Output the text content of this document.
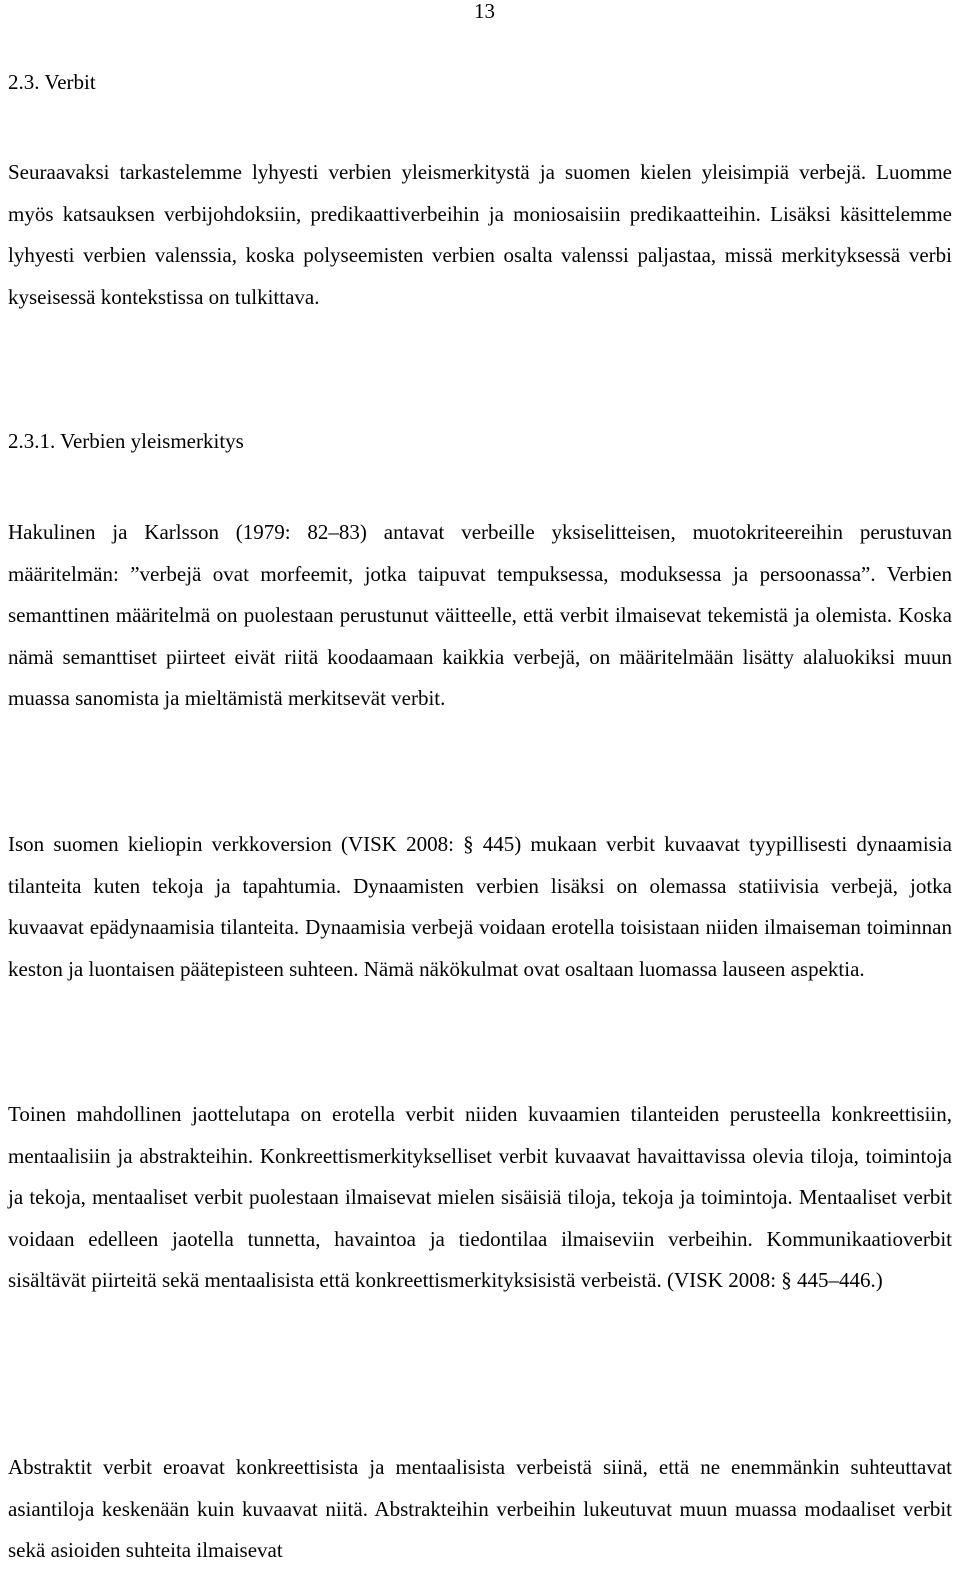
13
2.3. Verbit

Seuraavaksi tarkastelemme lyhyesti verbien yleismerkitystä ja suomen kielen yleisimpiä verbejä. Luomme myös katsauksen verbijohdoksiin, predikaattiverbeihin ja moniosaisiin predikaatteihin. Lisäksi käsittelemme lyhyesti verbien valenssia, koska polyseemisten verbien osalta valenssi paljastaa, missä merkityksessä verbi kyseisessä kontekstissa on tulkittava.

2.3.1. Verbien yleismerkitys

Hakulinen ja Karlsson (1979: 82–83) antavat verbeille yksiselitteisen, muotokriteereihin perustuvan määritelmän: ”verbejä ovat morfeemit, jotka taipuvat tempuksessa, moduksessa ja persoonassa”. Verbien semanttinen määritelmä on puolestaan perustunut väitteelle, että verbit ilmaisevat tekemistä ja olemista. Koska nämä semanttiset piirteet eivät riitä koodaamaan kaikkia verbejä, on määritelmään lisätty alaluokiksi muun muassa sanomista ja mieltämistä merkitsevät verbit.

Ison suomen kieliopin verkkoversion (VISK 2008: § 445) mukaan verbit kuvaavat tyypillisesti dynaamisia tilanteita kuten tekoja ja tapahtumia. Dynaamisten verbien lisäksi on olemassa statiivisia verbejä, jotka kuvaavat epädynaamisia tilanteita. Dynaamisia verbejä voidaan erotella toisistaan niiden ilmaiseman toiminnan keston ja luontaisen päätepisteen suhteen. Nämä näkökulmat ovat osaltaan luomassa lauseen aspektia.

Toinen mahdollinen jaottelutapa on erotella verbit niiden kuvaamien tilanteiden perusteella konkreettisiin, mentaalisiin ja abstrakteihin. Konkreettismerkitykselliset verbit kuvaavat havaittavissa olevia tiloja, toimintoja ja tekoja, mentaaliset verbit puolestaan ilmaisevat mielen sisäisiä tiloja, tekoja ja toimintoja. Mentaaliset verbit voidaan edelleen jaotella tunnetta, havaintoa ja tiedontilaa ilmaiseviin verbeihin. Kommunikaatioverbit sisältävät piirteitä sekä mentaalisista että konkreettismerkityksisistä verbeistä. (VISK 2008: § 445–446.)

Abstraktit verbit eroavat konkreettisista ja mentaalisista verbeistä siinä, että ne enemmänkin suhteuttavat asiantiloja keskenään kuin kuvaavat niitä. Abstrakteihin verbeihin lukeutuvat muun muassa modaaliset verbit sekä asioiden suhteita ilmaisevat
